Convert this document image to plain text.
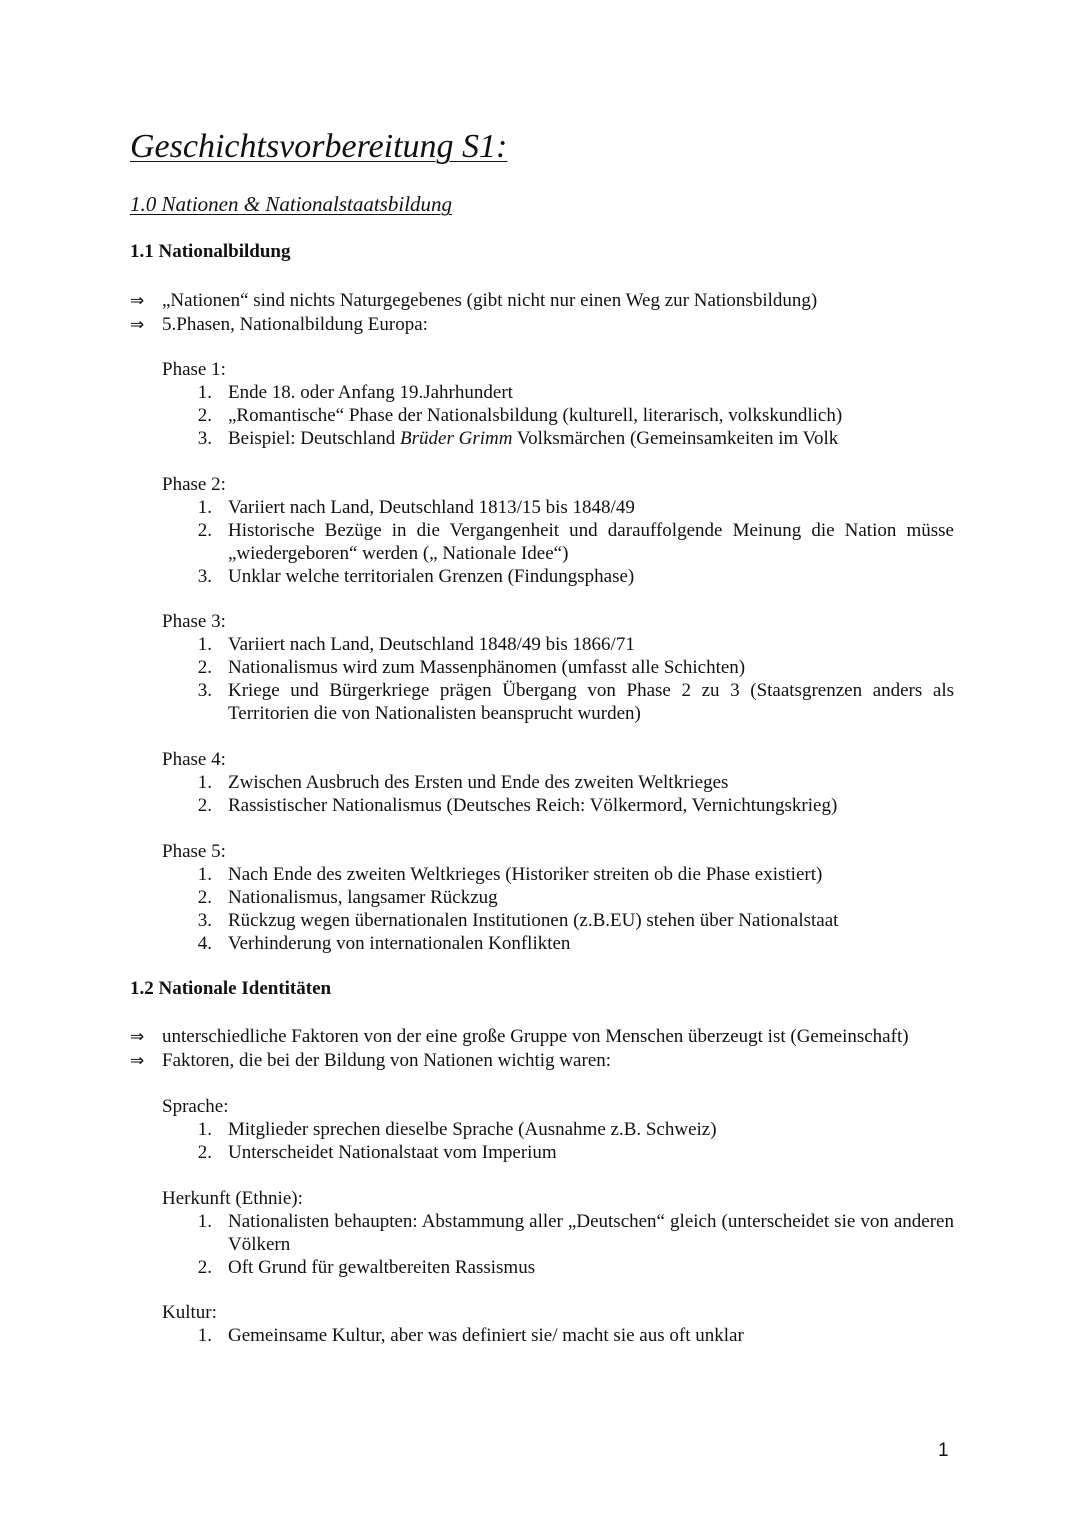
Geschichtsvorbereitung S1:
1.0 Nationen & Nationalstaatsbildung
1.1 Nationalbildung
⇒ „Nationen“ sind nichts Naturgegebenes (gibt nicht nur einen Weg zur Nationsbildung)
⇒ 5.Phasen, Nationalbildung Europa:

Phase 1:

1. Ende 18. oder Anfang 19.Jahrhundert
2. „Romantische“ Phase der Nationalsbildung (kulturell, literarisch, volkskundlich)
3. Beispiel: Deutschland Brüder Grimm Volksmärchen (Gemeinsamkeiten im Volk

Phase 2:

1. Variiert nach Land, Deutschland 1813/15 bis 1848/49
2. Historische Bezüge in die Vergangenheit und darauffolgende Meinung die Nation müsse „wiedergeboren“ werden („ Nationale Idee“)
3. Unklar welche territorialen Grenzen (Findungsphase)

Phase 3:

1. Variiert nach Land, Deutschland 1848/49 bis 1866/71
2. Nationalismus wird zum Massenphänomen (umfasst alle Schichten)
3. Kriege und Bürgerkriege prägen Übergang von Phase 2 zu 3 (Staatsgrenzen anders als Territorien die von Nationalisten beansprucht wurden)

Phase 4:

1. Zwischen Ausbruch des Ersten und Ende des zweiten Weltkrieges
2. Rassistischer Nationalismus (Deutsches Reich: Völkermord, Vernichtungskrieg)

Phase 5:

1. Nach Ende des zweiten Weltkrieges (Historiker streiten ob die Phase existiert)
2. Nationalismus, langsamer Rückzug
3. Rückzug wegen übernationalen Institutionen (z.B.EU) stehen über Nationalstaat
4. Verhinderung von internationalen Konflikten
1.2 Nationale Identitäten
⇒ unterschiedliche Faktoren von der eine große Gruppe von Menschen überzeugt ist (Gemeinschaft)
⇒ Faktoren, die bei der Bildung von Nationen wichtig waren:

Sprache:

1. Mitglieder sprechen dieselbe Sprache (Ausnahme z.B. Schweiz)
2. Unterscheidet Nationalstaat vom Imperium

Herkunft (Ethnie):

1. Nationalisten behaupten: Abstammung aller „Deutschen“ gleich (unterscheidet sie von anderen Völkern
2. Oft Grund für gewaltbereiten Rassismus

Kultur:

1. Gemeinsame Kultur, aber was definiert sie/ macht sie aus oft unklar
1
